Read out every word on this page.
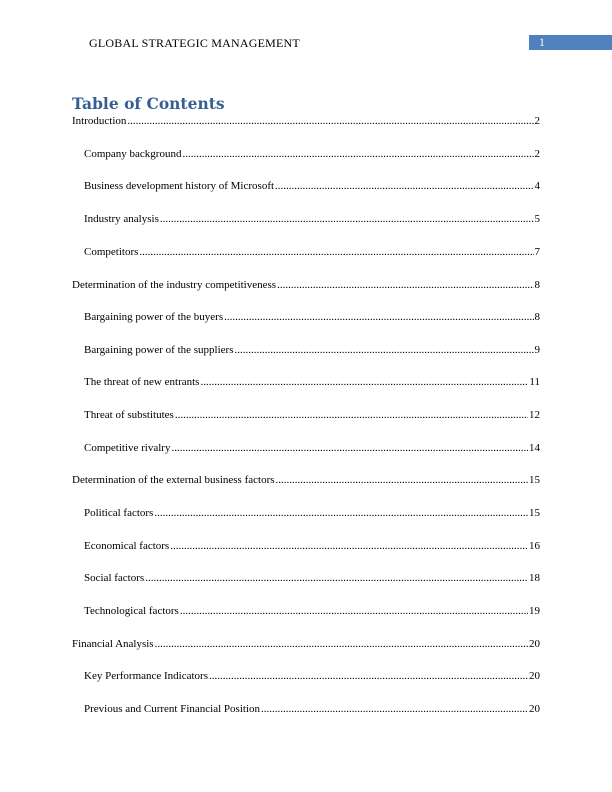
GLOBAL STRATEGIC MANAGEMENT	1
Table of Contents
Introduction .....	2
Company background .....	2
Business development history of Microsoft .....	4
Industry analysis .....	5
Competitors .....	7
Determination of the industry competitiveness .....	8
Bargaining power of the buyers .....	8
Bargaining power of the suppliers .....	9
The threat of new entrants .....	11
Threat of substitutes .....	12
Competitive rivalry .....	14
Determination of the external business factors .....	15
Political factors .....	15
Economical factors .....	16
Social factors .....	18
Technological factors .....	19
Financial Analysis .....	20
Key Performance Indicators .....	20
Previous and Current Financial Position .....	20
